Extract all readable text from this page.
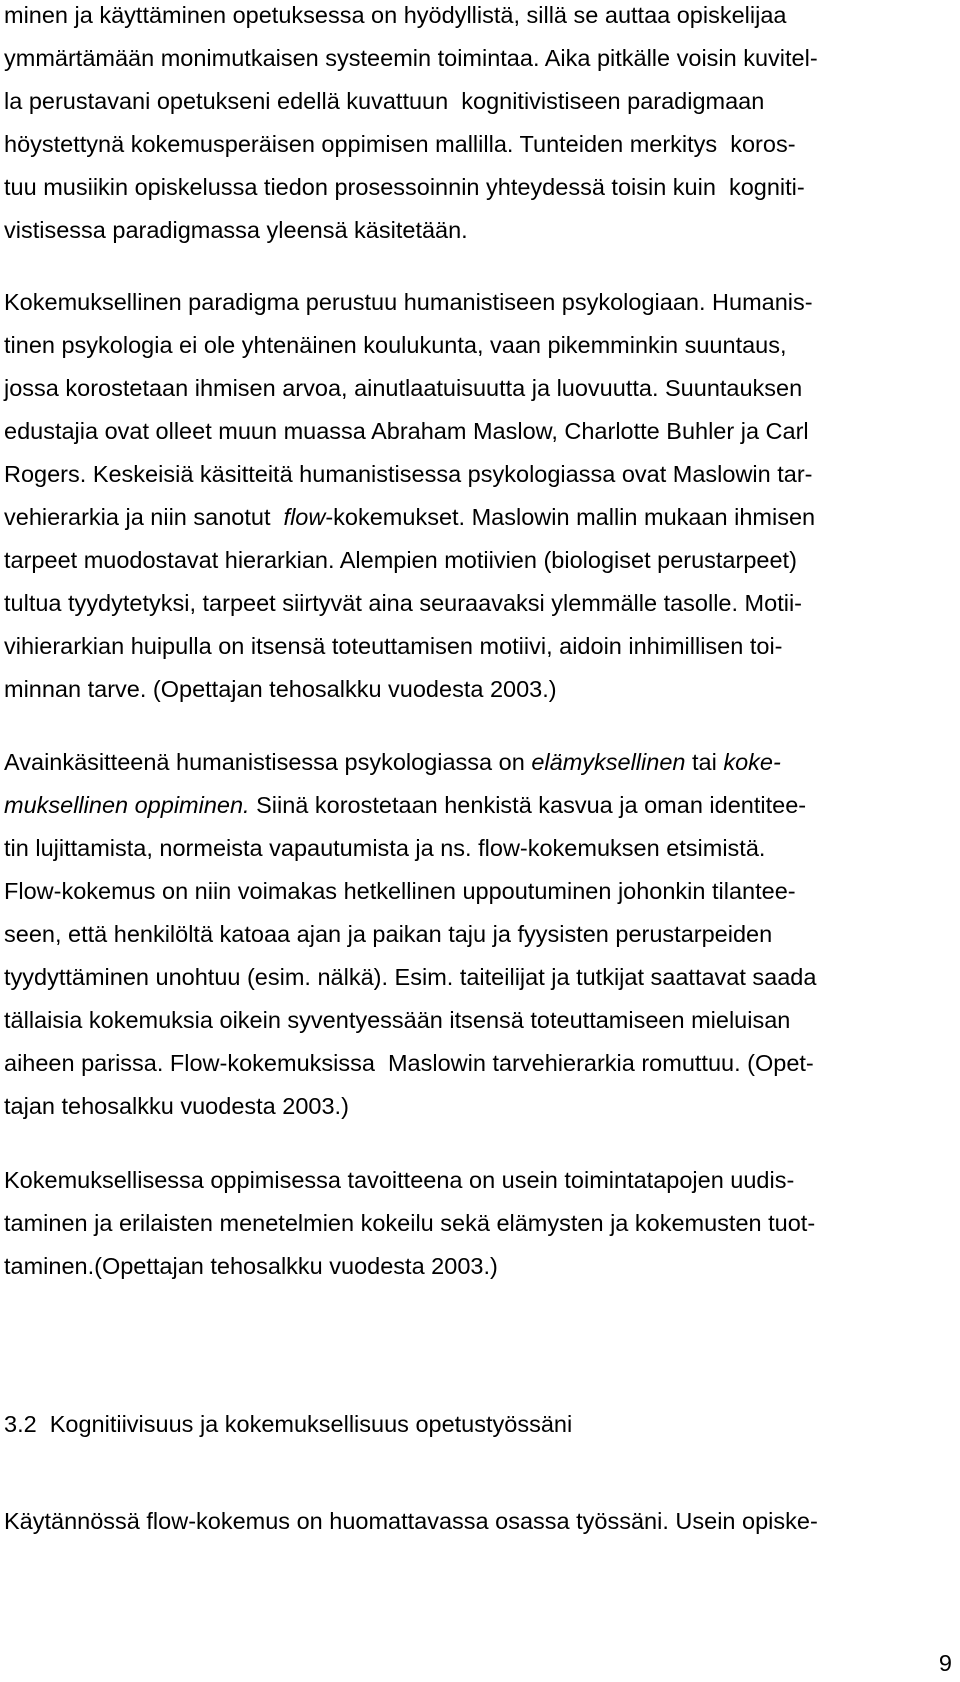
minen ja käyttäminen opetuksessa on hyödyllistä, sillä se auttaa opiskelijaa
ymmärtämään monimutkaisen systeemin toimintaa. Aika pitkälle voisin kuvitel-
la perustavani opetukseni edellä kuvattuun  kognitivistiseen paradigmaan
höystettynä kokemusperäisen oppimisen mallilla. Tunteiden merkitys  koros-
tuu musiikin opiskelussa tiedon prosessoinnin yhteydessä toisin kuin  kogniti-
vistisessa paradigmassa yleensä käsitetään.
Kokemuksellinen paradigma perustuu humanistiseen psykologiaan. Humanis-
tinen psykologia ei ole yhtenäinen koulukunta, vaan pikemminkin suuntaus,
jossa korostetaan ihmisen arvoa, ainutlaatuisuutta ja luovuutta. Suuntauksen
edustajia ovat olleet muun muassa Abraham Maslow, Charlotte Buhler ja Carl
Rogers. Keskeisiä käsitteitä humanistisessa psykologiassa ovat Maslowin tar-
vehierarkia ja niin sanotut  flow-kokemukset. Maslowin mallin mukaan ihmisen
tarpeet muodostavat hierarkian. Alempien motiivien (biologiset perustarpeet)
tultua tyydytetyksi, tarpeet siirtyvät aina seuraavaksi ylemmälle tasolle. Motii-
vihierarkian huipulla on itsensä toteuttamisen motiivi, aidoin inhimillisen toi-
minnan tarve. (Opettajan tehosalkku vuodesta 2003.)
Avainkäsitteenä humanistisessa psykologiassa on elämyksellinen tai koke-
muksellinen oppiminen. Siinä korostetaan henkistä kasvua ja oman identitee-
tin lujittamista, normeista vapautumista ja ns. flow-kokemuksen etsimistä.
Flow-kokemus on niin voimakas hetkellinen uppoutuminen johonkin tilantee-
seen, että henkilöltä katoaa ajan ja paikan taju ja fyysisten perustarpeiden
tyydyttäminen unohtuu (esim. nälkä). Esim. taiteilijat ja tutkijat saattavat saada
tällaisia kokemuksia oikein syventyessään itsensä toteuttamiseen mieluisan
aiheen parissa. Flow-kokemuksissa  Maslowin tarvehierarkia romuttuu. (Opet-
tajan tehosalkku vuodesta 2003.)
Kokemuksellisessa oppimisessa tavoitteena on usein toimintatapojen uudis-
taminen ja erilaisten menetelmien kokeilu sekä elämysten ja kokemusten tuot-
taminen.(Opettajan tehosalkku vuodesta 2003.)
3.2  Kognitiivisuus ja kokemuksellisuus opetustyössäni
Käytännössä flow-kokemus on huomattavassa osassa työssäni. Usein opiske-
9
